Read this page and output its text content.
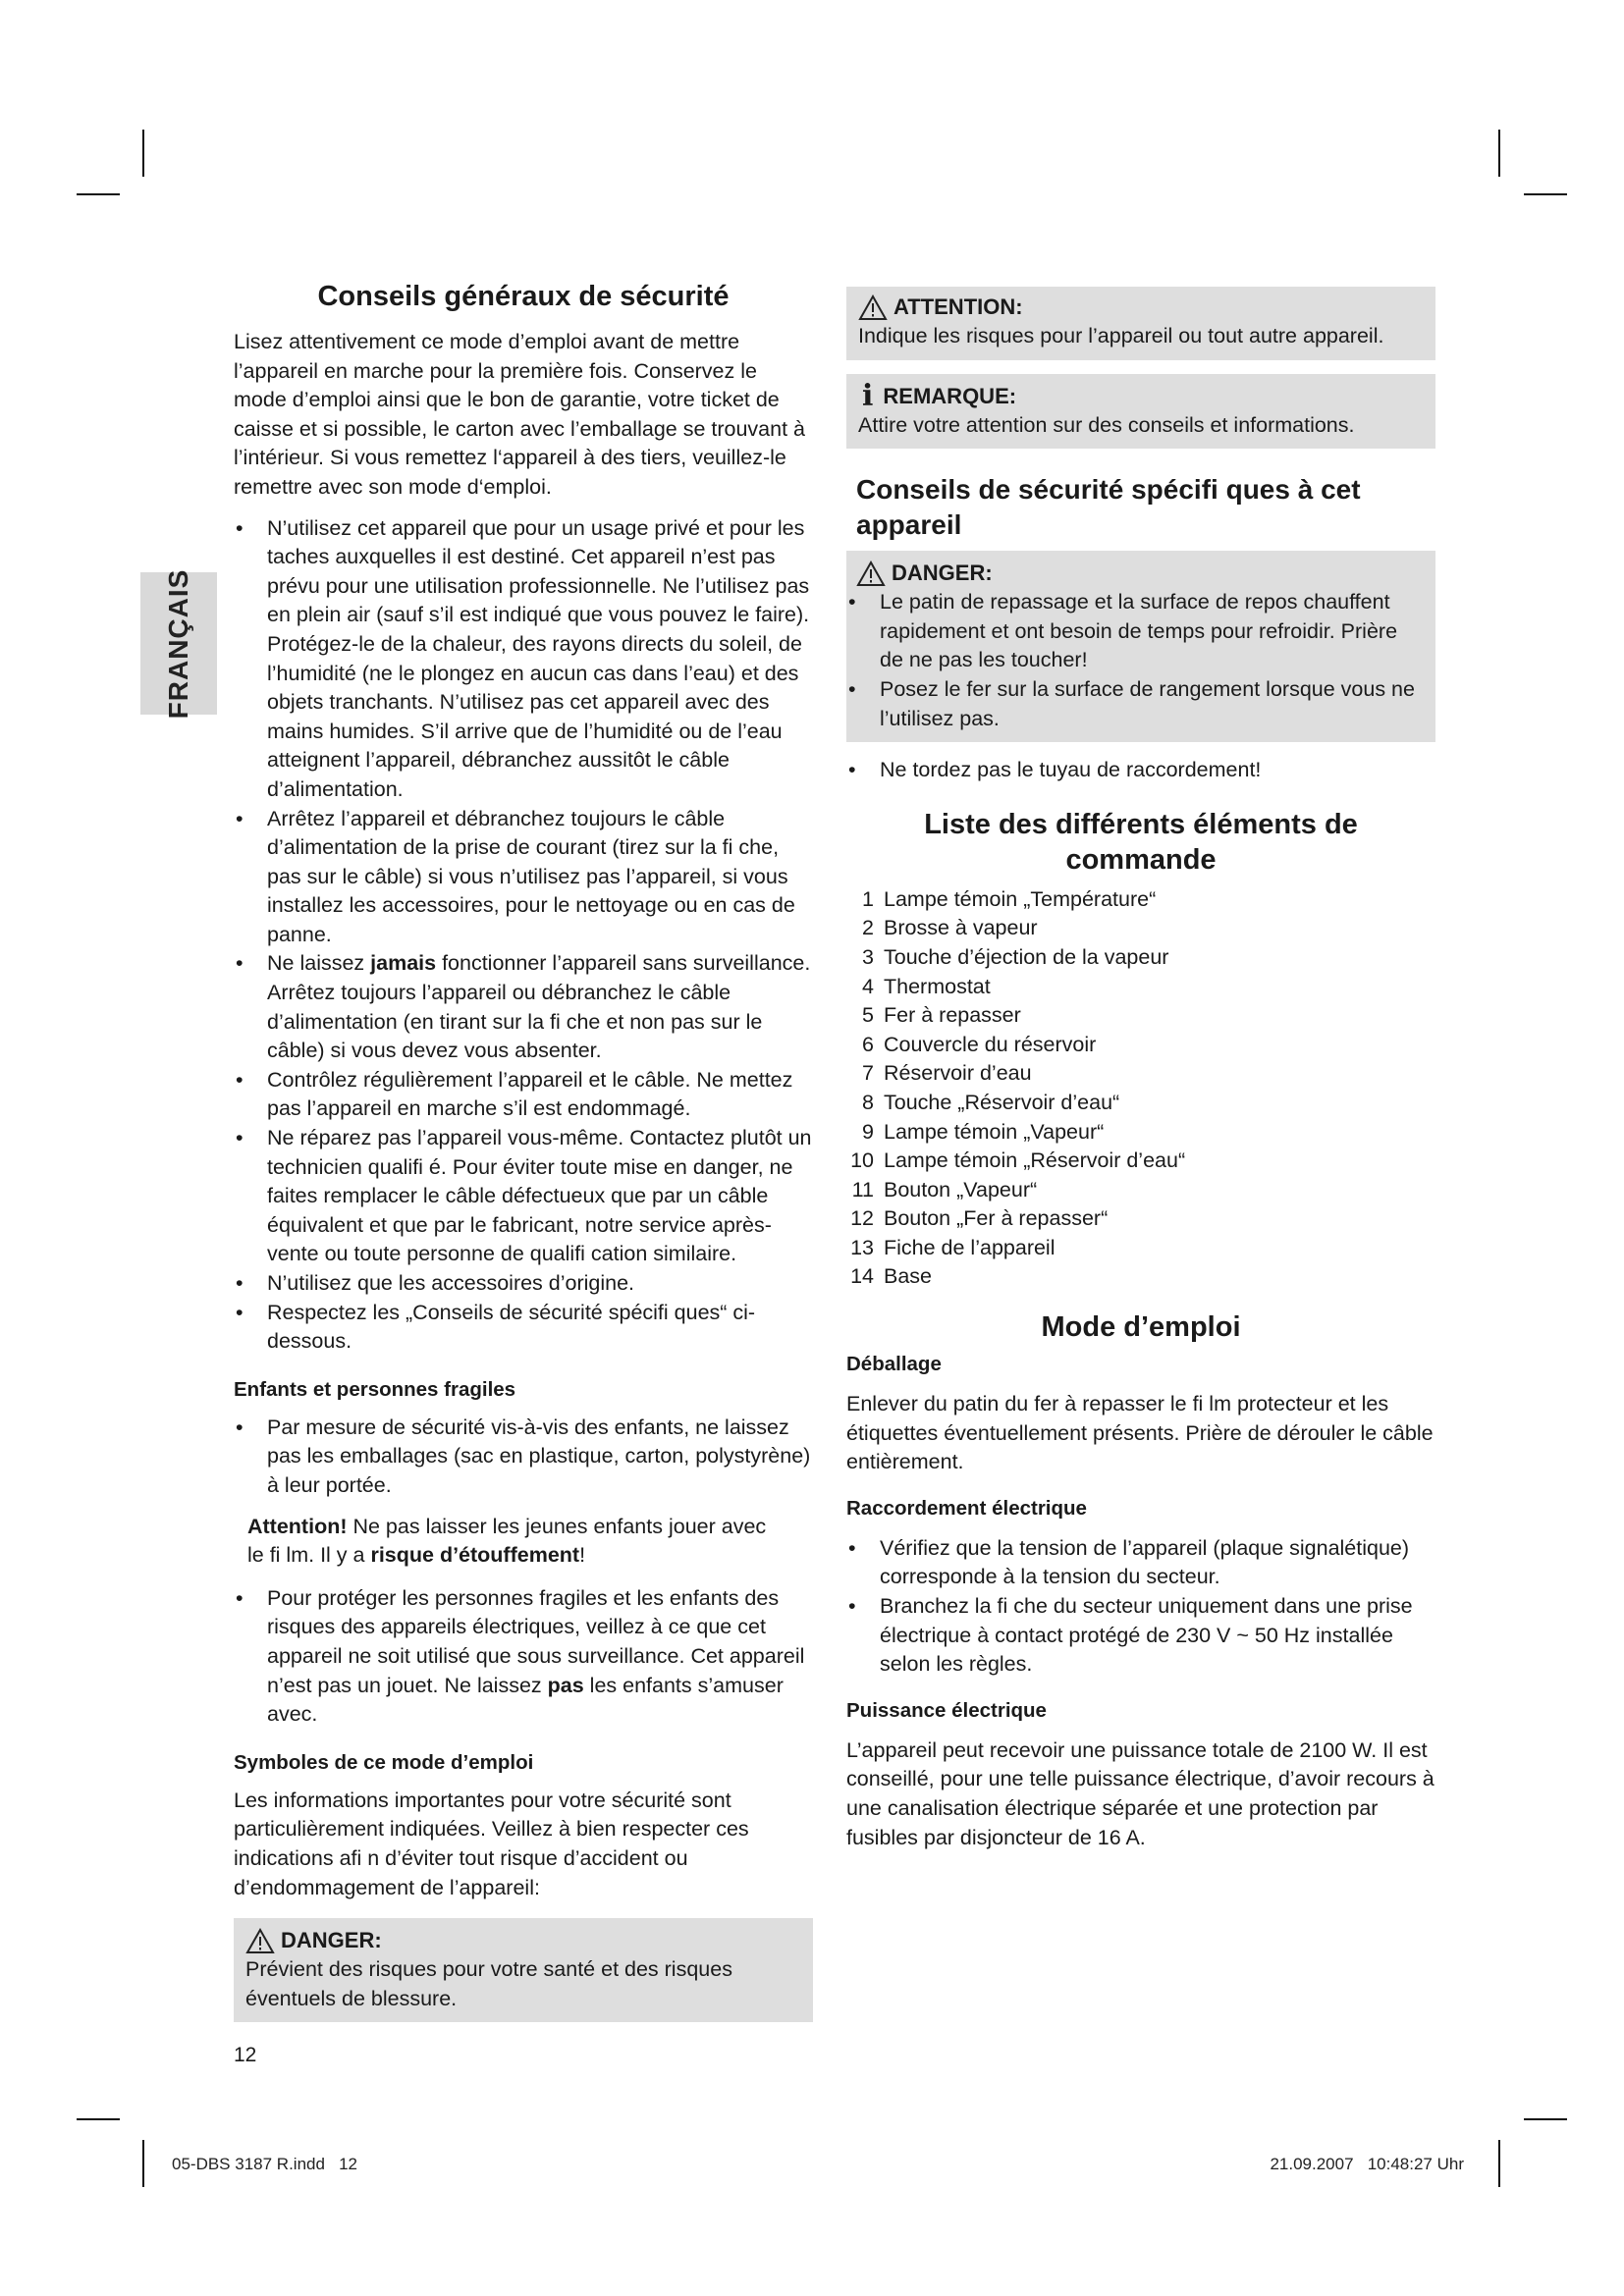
FRANÇAIS
Conseils généraux de sécurité

Lisez attentivement ce mode d’emploi avant de mettre l’appareil en marche pour la première fois. Conservez le mode d’emploi ainsi que le bon de garantie, votre ticket de caisse et si possible, le carton avec l’emballage se trouvant à l’intérieur. Si vous remettez l‘appareil à des tiers, veuillez-le remettre avec son mode d‘emploi.

• N’utilisez cet appareil que pour un usage privé et pour les taches auxquelles il est destiné. Cet appareil n’est pas prévu pour une utilisation professionnelle. Ne l’utilisez pas en plein air (sauf s’il est indiqué que vous pouvez le faire). Protégez-le de la chaleur, des rayons directs du soleil, de l’humidité (ne le plongez en aucun cas dans l’eau) et des objets tranchants. N’utilisez pas cet appareil avec des mains humides. S’il arrive que de l’humidité ou de l’eau atteignent l’appareil, débranchez aussitôt le câble d’alimentation.
• Arrêtez l’appareil et débranchez toujours le câble d’alimentation de la prise de courant (tirez sur la fi che, pas sur le câble) si vous n’utilisez pas l’appareil, si vous installez les accessoires, pour le nettoyage ou en cas de panne.
• Ne laissez jamais fonctionner l’appareil sans surveillance. Arrêtez toujours l’appareil ou débranchez le câble d’alimentation (en tirant sur la fi che et non pas sur le câble) si vous devez vous absenter.
• Contrôlez régulièrement l’appareil et le câble. Ne mettez pas l’appareil en marche s’il est endommagé.
• Ne réparez pas l’appareil vous-même. Contactez plutôt un technicien qualifi é. Pour éviter toute mise en danger, ne faites remplacer le câble défectueux que par un câble équivalent et que par le fabricant, notre service après-vente ou toute personne de qualifi cation similaire.
• N’utilisez que les accessoires d’origine.
• Respectez les „Conseils de sécurité spécifi ques“ ci-dessous.
Enfants et personnes fragiles
• Par mesure de sécurité vis-à-vis des enfants, ne laissez pas les emballages (sac en plastique, carton, polystyrène) à leur portée.

Attention! Ne pas laisser les jeunes enfants jouer avec le fi lm. Il y a risque d’étouffement!

• Pour protéger les personnes fragiles et les enfants des risques des appareils électriques, veillez à ce que cet appareil ne soit utilisé que sous surveillance. Cet appareil n’est pas un jouet. Ne laissez pas les enfants s’amuser avec.
Symboles de ce mode d’emploi

Les informations importantes pour votre sécurité sont particulièrement indiquées. Veillez à bien respecter ces indications afi n d’éviter tout risque d’accident ou d’endommagement de l’appareil:

DANGER:

Prévient des risques pour votre santé et des risques éventuels de blessure.

ATTENTION:

Indique les risques pour l’appareil ou tout autre appareil.

i REMARQUE:

Attire votre attention sur des conseils et informations.

Conseils de sécurité spécifi ques à cet appareil
DANGER:
• Le patin de repassage et la surface de repos chauffent rapidement et ont besoin de temps pour refroidir. Prière de ne pas les toucher!
• Posez le fer sur la surface de rangement lorsque vous ne l’utilisez pas.
• Ne tordez pas le tuyau de raccordement!
Liste des différents éléments de commande
1 Lampe témoin „Température“
2 Brosse à vapeur
3 Touche d’éjection de la vapeur
4 Thermostat
5 Fer à repasser
6 Couvercle du réservoir
7 Réservoir d’eau
8 Touche „Réservoir d’eau“
9 Lampe témoin „Vapeur“
10 Lampe témoin „Réservoir d’eau“
11 Bouton „Vapeur“
12 Bouton „Fer à repasser“
13 Fiche de l’appareil
14 Base
Mode d’emploi
Déballage

Enlever du patin du fer à repasser le fi lm protecteur et les étiquettes éventuellement présents. Prière de dérouler le câble entièrement.

Raccordement électrique
• Vérifiez que la tension de l’appareil (plaque signalétique) corresponde à la tension du secteur.
• Branchez la fi che du secteur uniquement dans une prise électrique à contact protégé de 230 V ~ 50 Hz installée selon les règles.
Puissance électrique

L’appareil peut recevoir une puissance totale de 2100 W. Il est conseillé, pour une telle puissance électrique, d’avoir recours à une canalisation électrique séparée et une protection par fusibles par disjoncteur de 16 A.

12
05-DBS 3187 R.indd   12	21.09.2007   10:48:27 Uhr
